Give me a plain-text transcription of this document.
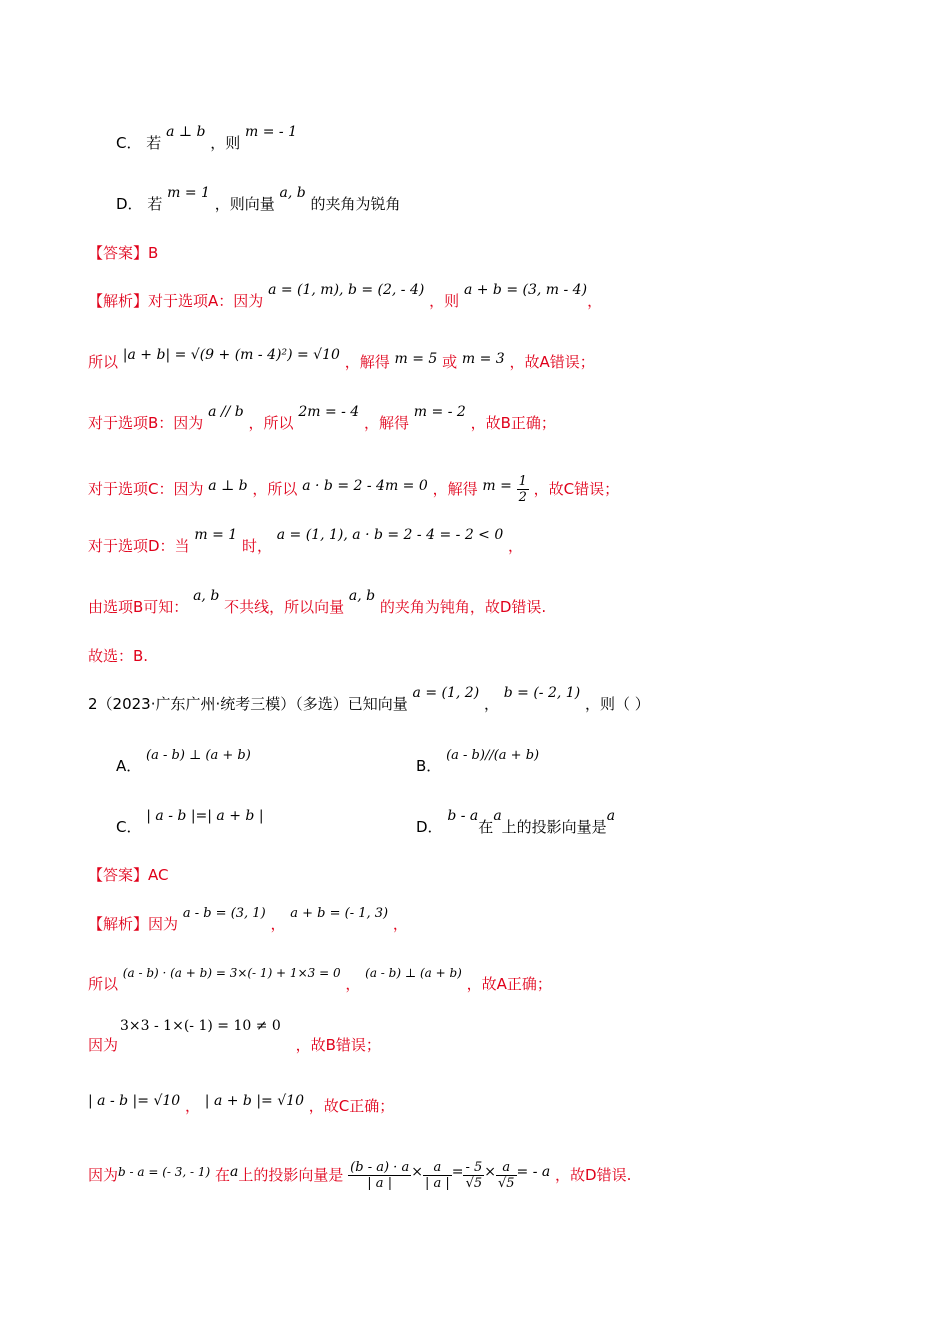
C． 若 a ⊥ b ，则 m = - 1
D． 若 m = 1 ，则向量 a, b 的夹角为锐角
【答案】B
【解析】对于选项A：因为 a = (1, m), b = (2, - 4) ，则 a + b = (3, m - 4)，
所以 |a + b| = √(9 + (m - 4)²) = √10 ，解得 m = 5 或 m = 3 ，故A错误；
对于选项B：因为 a // b ，所以 2m = - 4 ，解得 m = - 2 ，故B正确；
对于选项C：因为 a ⊥ b ，所以 a · b = 2 - 4m = 0 ，解得 $m = \frac{1}{2}$ ，故C错误；
对于选项D：当 m = 1 时， a = (1, 1), a · b = 2 - 4 = - 2 < 0 ，
由选项B可知： a, b 不共线，所以向量 a, b 的夹角为钝角，故D错误.
故选：B.
2（2023·广东广州·统考三模）（多选）已知向量 a = (1, 2) ， b = (- 2, 1) ，则（ ）
A． (a - b) ⊥ (a + b)
B． (a - b)//(a + b)
C． | a - b |=| a + b |
D． b - a在a上的投影向量是a
【答案】AC
【解析】因为 a - b = (3, 1) ， a + b = (- 1, 3) ，
所以 $^{(a - b) \cdot (a + b) = 3\times(- 1) + 1\times 3 = 0}$ ， $^{(a - b) \perp (a + b)}$ ，故A正确；
3×3 - 1×(- 1) = 10 ≠ 0
因为	，故B错误；
| a - b |= √10 ， | a + b |= √10 ，故C正确；
因为$^{b - a = (- 3, - 1)}$ 在a上的投影向量是 $\frac{(b - a) \cdot a}{| a |} \times \frac{a}{| a |} = \frac{- 5}{√5} \times \frac{a}{√5}$ = - a ，故D错误.
